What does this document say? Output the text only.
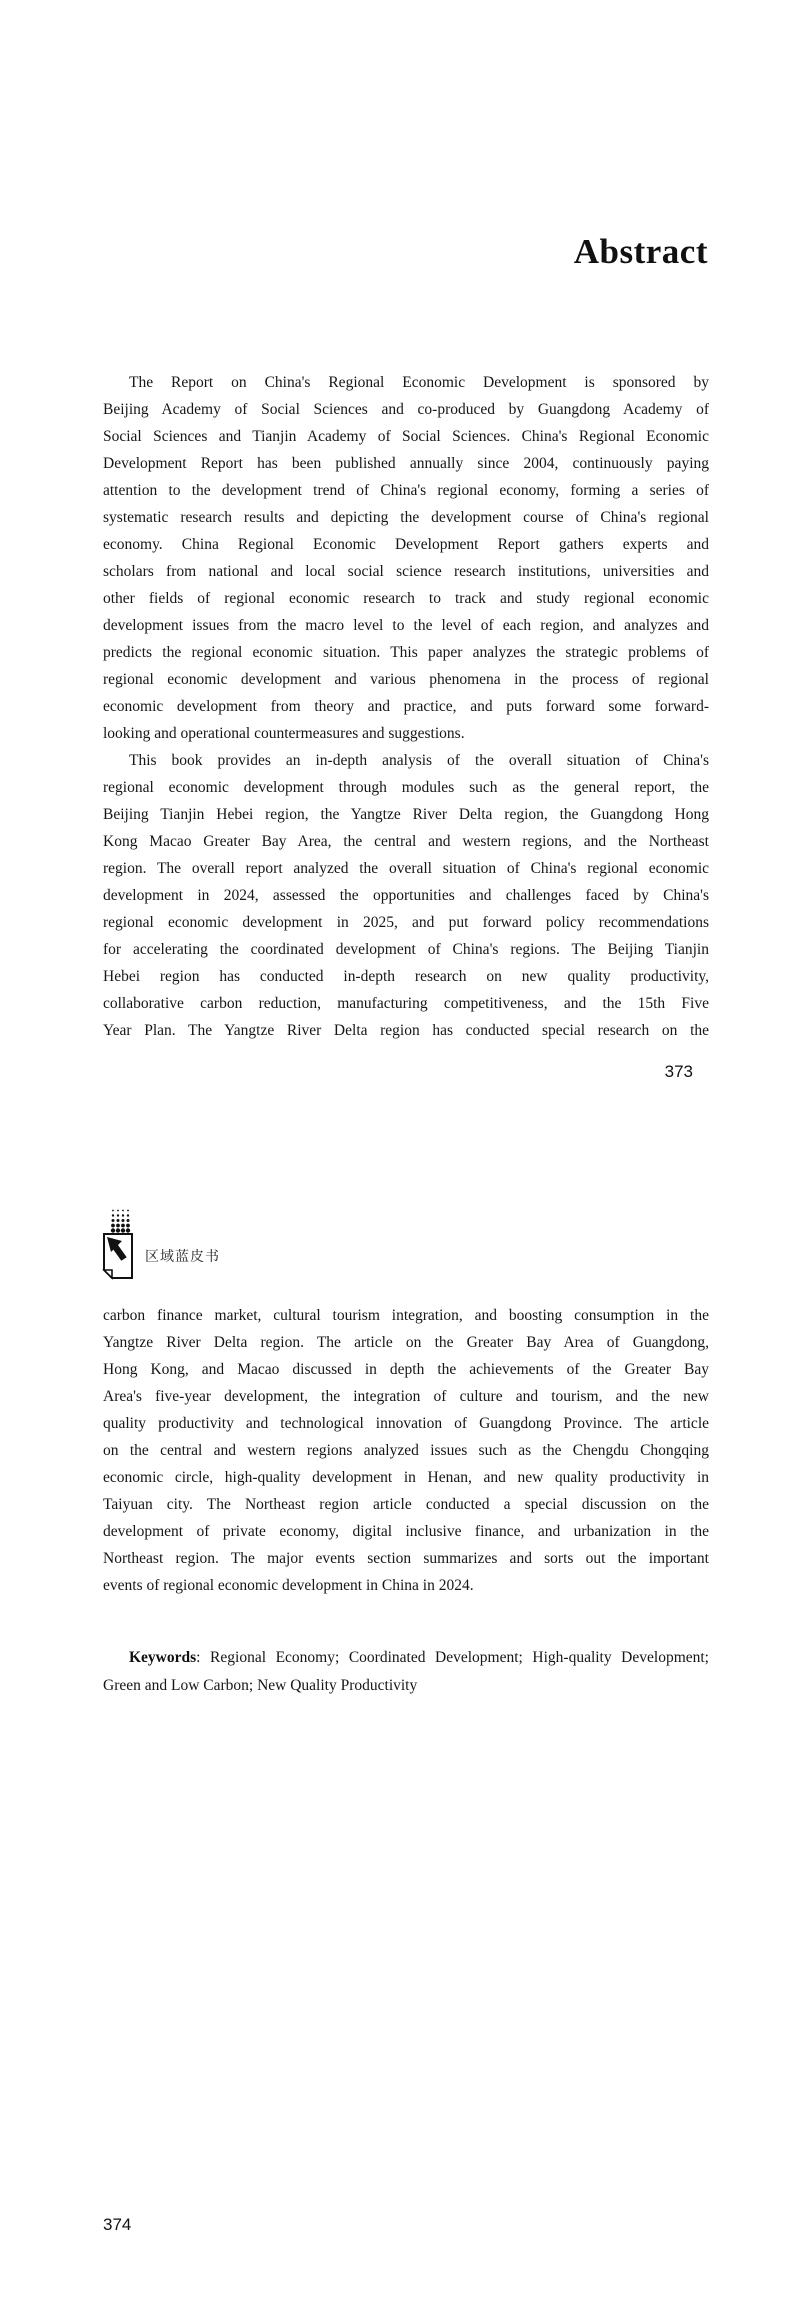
Abstract
The Report on China's Regional Economic Development is sponsored by
Beijing Academy of Social Sciences and co-produced by Guangdong Academy of
Social Sciences and Tianjin Academy of Social Sciences. China's Regional Economic
Development Report has been published annually since 2004, continuously paying
attention to the development trend of China's regional economy, forming a series of
systematic research results and depicting the development course of China's regional
economy. China Regional Economic Development Report gathers experts and
scholars from national and local social science research institutions, universities and
other fields of regional economic research to track and study regional economic
development issues from the macro level to the level of each region, and analyzes and
predicts the regional economic situation. This paper analyzes the strategic problems of
regional economic development and various phenomena in the process of regional
economic development from theory and practice, and puts forward some forward-
looking and operational countermeasures and suggestions.
This book provides an in-depth analysis of the overall situation of China's
regional economic development through modules such as the general report, the
Beijing Tianjin Hebei region, the Yangtze River Delta region, the Guangdong Hong
Kong Macao Greater Bay Area, the central and western regions, and the Northeast
region. The overall report analyzed the overall situation of China's regional economic
development in 2024, assessed the opportunities and challenges faced by China's
regional economic development in 2025, and put forward policy recommendations
for accelerating the coordinated development of China's regions. The Beijing Tianjin
Hebei region has conducted in-depth research on new quality productivity,
collaborative carbon reduction, manufacturing competitiveness, and the 15th Five
Year Plan. The Yangtze River Delta region has conducted special research on the
373
区域蓝皮书
carbon finance market, cultural tourism integration, and boosting consumption in the
Yangtze River Delta region. The article on the Greater Bay Area of Guangdong,
Hong Kong, and Macao discussed in depth the achievements of the Greater Bay
Area's five-year development, the integration of culture and tourism, and the new
quality productivity and technological innovation of Guangdong Province. The article
on the central and western regions analyzed issues such as the Chengdu Chongqing
economic circle, high-quality development in Henan, and new quality productivity in
Taiyuan city. The Northeast region article conducted a special discussion on the
development of private economy, digital inclusive finance, and urbanization in the
Northeast region. The major events section summarizes and sorts out the important
events of regional economic development in China in 2024.

Keywords: Regional Economy; Coordinated Development; High-quality Development; Green and Low Carbon; New Quality Productivity

374
